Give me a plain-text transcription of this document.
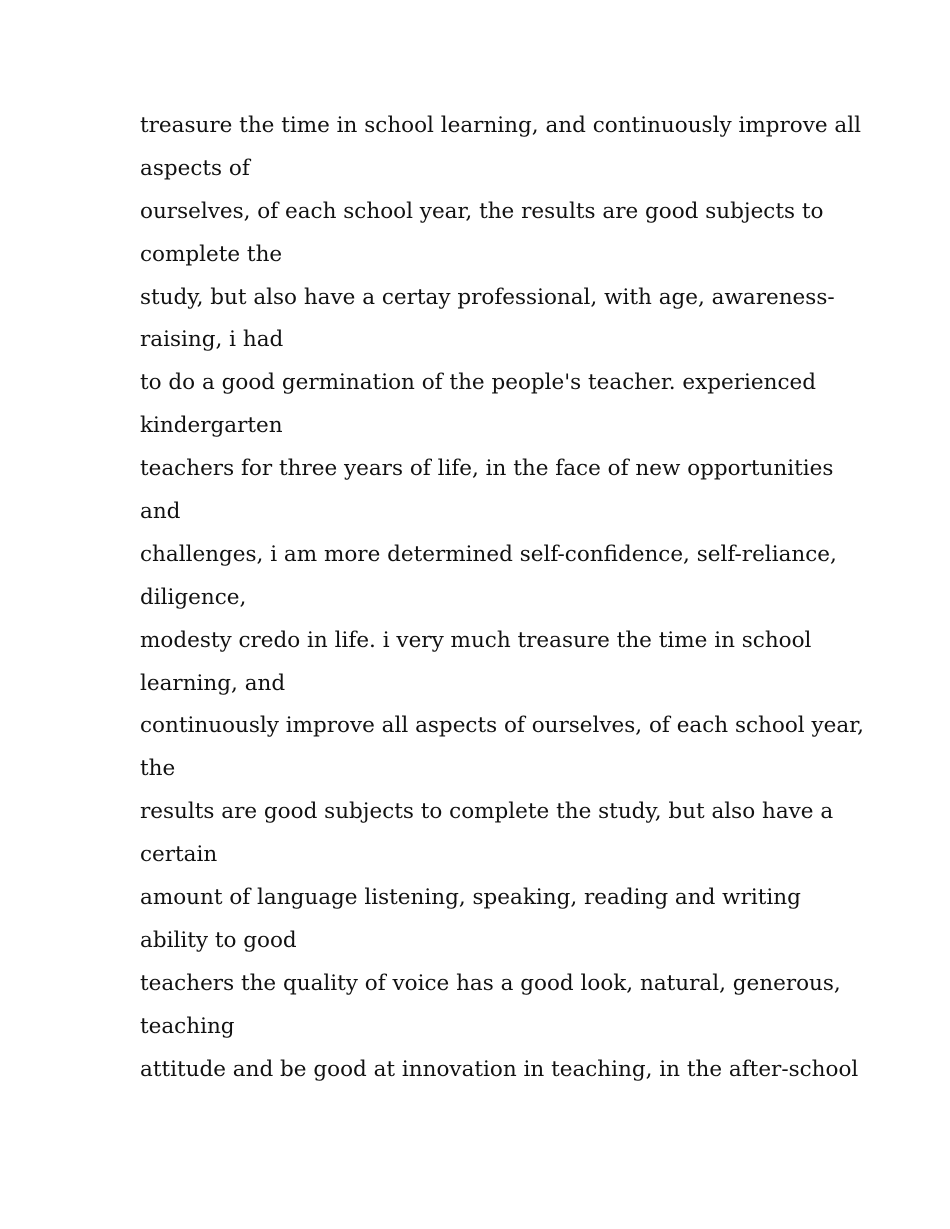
treasure the time in school learning, and continuously improve all
aspects of
ourselves, of each school year, the results are good subjects to
complete the
study, but also have a certay professional, with age, awareness-
raising, i had
to do a good germination of the people's teacher. experienced
kindergarten
teachers for three years of life, in the face of new opportunities
and
challenges, i am more determined self-confidence, self-reliance,
diligence,
modesty credo in life. i very much treasure the time in school
learning, and
continuously improve all aspects of ourselves, of each school year,
the
results are good subjects to complete the study, but also have a
certain
amount of language listening, speaking, reading and writing
ability to good
teachers the quality of voice has a good look, natural, generous,
teaching
attitude and be good at innovation in teaching, in the after-school
